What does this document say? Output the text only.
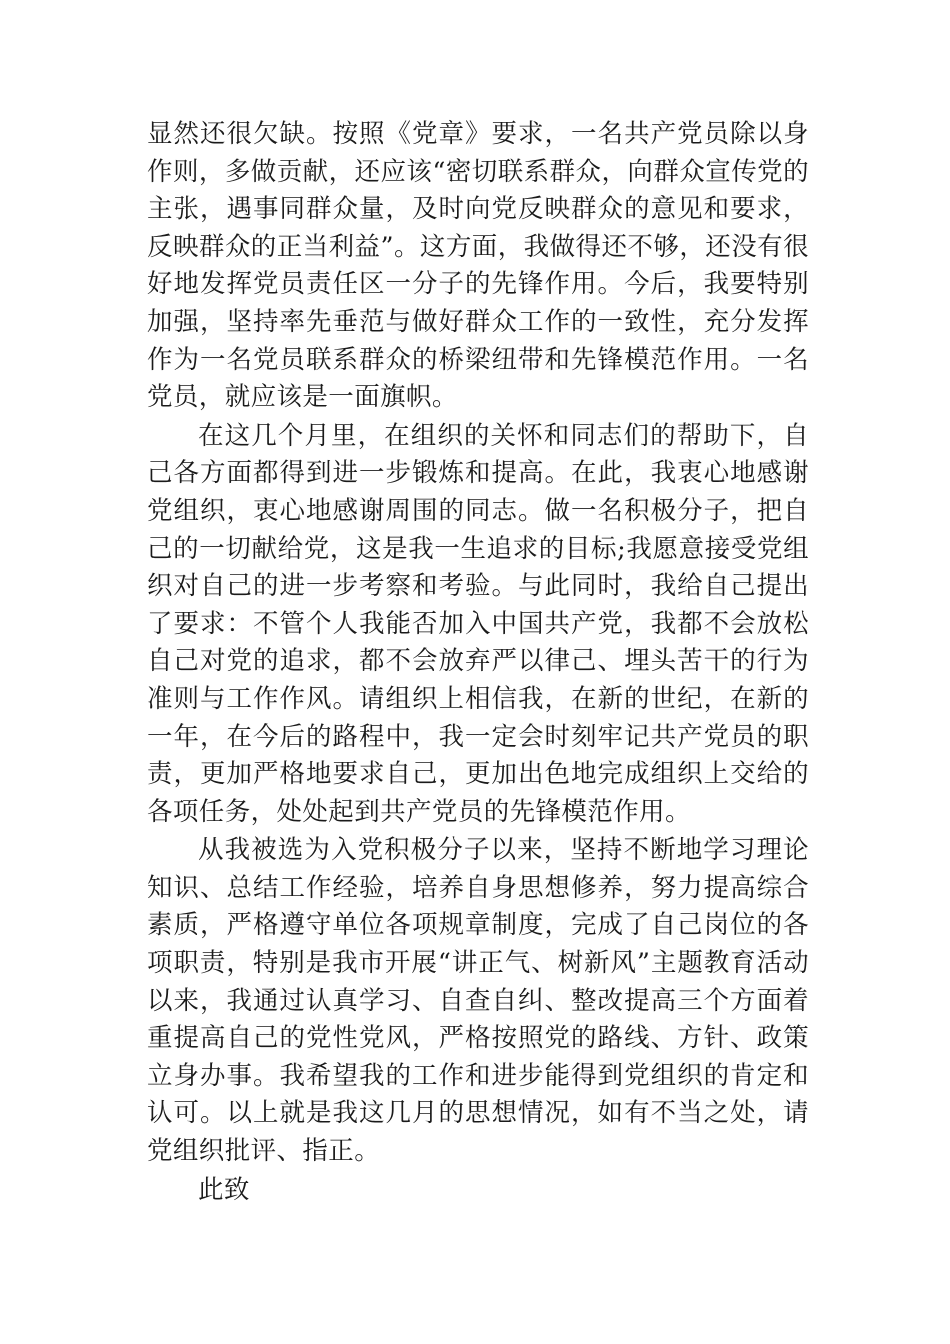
显然还很欠缺。按照《党章》要求，一名共产党员除以身作则，多做贡献，还应该“密切联系群众，向群众宣传党的主张，遇事同群众量，及时向党反映群众的意见和要求，反映群众的正当利益”。这方面，我做得还不够，还没有很好地发挥党员责任区一分子的先锋作用。今后，我要特别加强，坚持率先垂范与做好群众工作的一致性，充分发挥作为一名党员联系群众的桥梁纽带和先锋模范作用。一名党员，就应该是一面旗帜。

在这几个月里，在组织的关怀和同志们的帮助下，自己各方面都得到进一步锻炼和提高。在此，我衷心地感谢党组织，衷心地感谢周围的同志。做一名积极分子，把自己的一切献给党，这是我一生追求的目标;我愿意接受党组织对自己的进一步考察和考验。与此同时，我给自己提出了要求：不管个人我能否加入中国共产党，我都不会放松自己对党的追求，都不会放弃严以律己、埋头苦干的行为准则与工作作风。请组织上相信我，在新的世纪，在新的一年，在今后的路程中，我一定会时刻牢记共产党员的职责，更加严格地要求自己，更加出色地完成组织上交给的各项任务，处处起到共产党员的先锋模范作用。

从我被选为入党积极分子以来，坚持不断地学习理论知识、总结工作经验，培养自身思想修养，努力提高综合素质，严格遵守单位各项规章制度，完成了自己岗位的各项职责，特别是我市开展“讲正气、树新风”主题教育活动以来，我通过认真学习、自查自纠、整改提高三个方面着重提高自己的党性党风，严格按照党的路线、方针、政策立身办事。我希望我的工作和进步能得到党组织的肯定和认可。以上就是我这几月的思想情况，如有不当之处，请党组织批评、指正。

此致
